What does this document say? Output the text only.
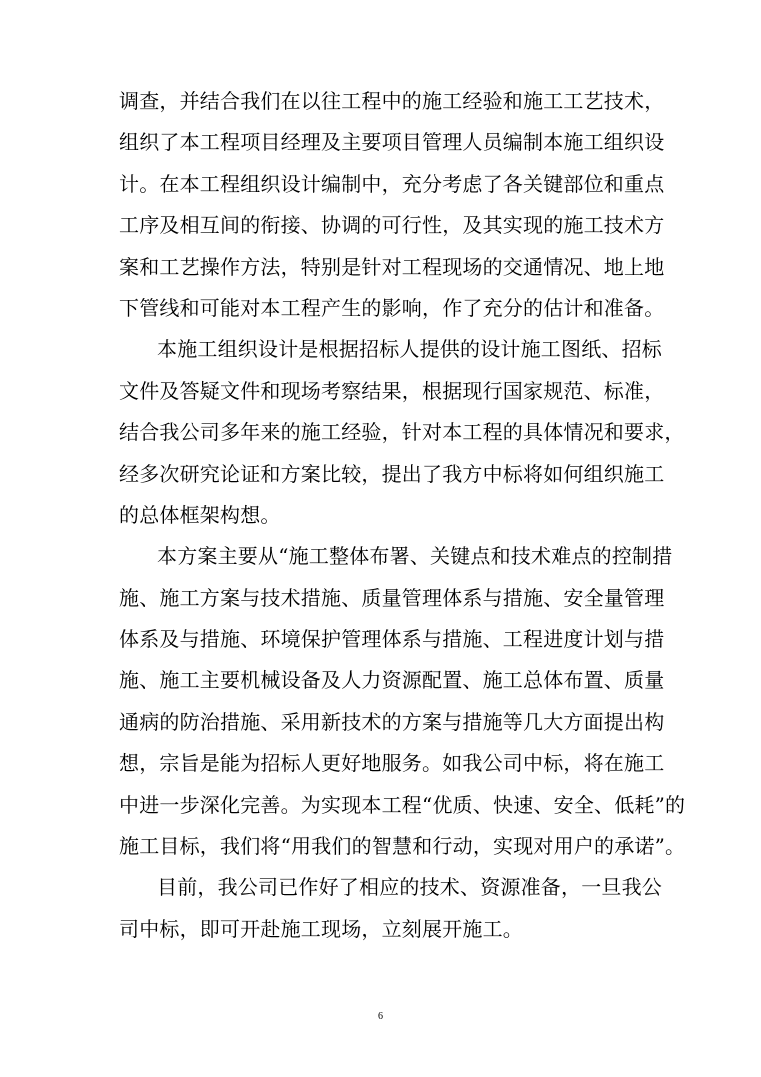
调查，并结合我们在以往工程中的施工经验和施工工艺技术，
组织了本工程项目经理及主要项目管理人员编制本施工组织设
计。在本工程组织设计编制中，充分考虑了各关键部位和重点
工序及相互间的衔接、协调的可行性，及其实现的施工技术方
案和工艺操作方法，特别是针对工程现场的交通情况、地上地
下管线和可能对本工程产生的影响，作了充分的估计和准备。
本施工组织设计是根据招标人提供的设计施工图纸、招标
文件及答疑文件和现场考察结果，根据现行国家规范、标准，
结合我公司多年来的施工经验，针对本工程的具体情况和要求，
经多次研究论证和方案比较，提出了我方中标将如何组织施工
的总体框架构想。
本方案主要从“施工整体布署、关键点和技术难点的控制措
施、施工方案与技术措施、质量管理体系与措施、安全量管理
体系及与措施、环境保护管理体系与措施、工程进度计划与措
施、施工主要机械设备及人力资源配置、施工总体布置、质量
通病的防治措施、采用新技术的方案与措施等几大方面提出构
想，宗旨是能为招标人更好地服务。如我公司中标，将在施工
中进一步深化完善。为实现本工程“优质、快速、安全、低耗”的
施工目标，我们将“用我们的智慧和行动，实现对用户的承诺”。
目前，我公司已作好了相应的技术、资源准备，一旦我公
司中标，即可开赴施工现场，立刻展开施工。
6
